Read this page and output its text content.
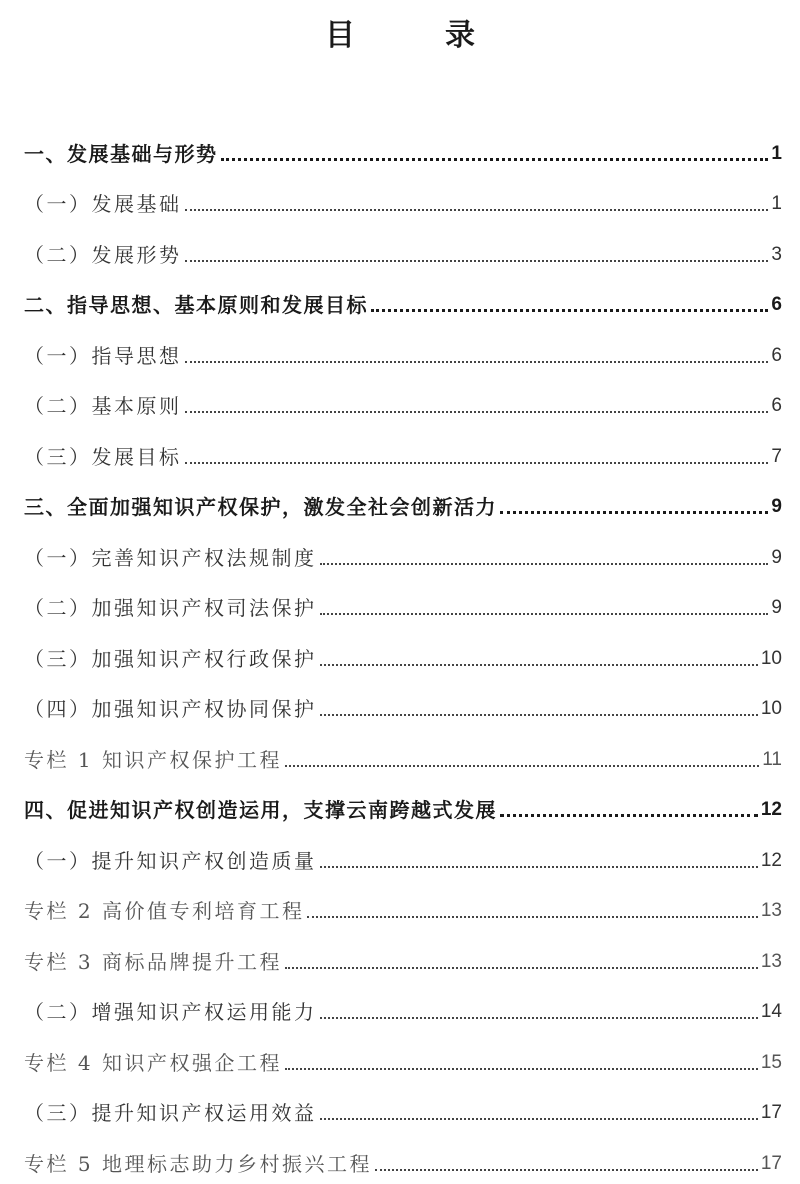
目　录
一、发展基础与形势	1
（一）发展基础	1
（二）发展形势	3
二、指导思想、基本原则和发展目标	6
（一）指导思想	6
（二）基本原则	6
（三）发展目标	7
三、全面加强知识产权保护，激发全社会创新活力	9
（一）完善知识产权法规制度	9
（二）加强知识产权司法保护	9
（三）加强知识产权行政保护	10
（四）加强知识产权协同保护	10
专栏 1 知识产权保护工程	11
四、促进知识产权创造运用，支撑云南跨越式发展	12
（一）提升知识产权创造质量	12
专栏 2 高价值专利培育工程	13
专栏 3 商标品牌提升工程	13
（二）增强知识产权运用能力	14
专栏 4 知识产权强企工程	15
（三）提升知识产权运用效益	17
专栏 5 地理标志助力乡村振兴工程	17
